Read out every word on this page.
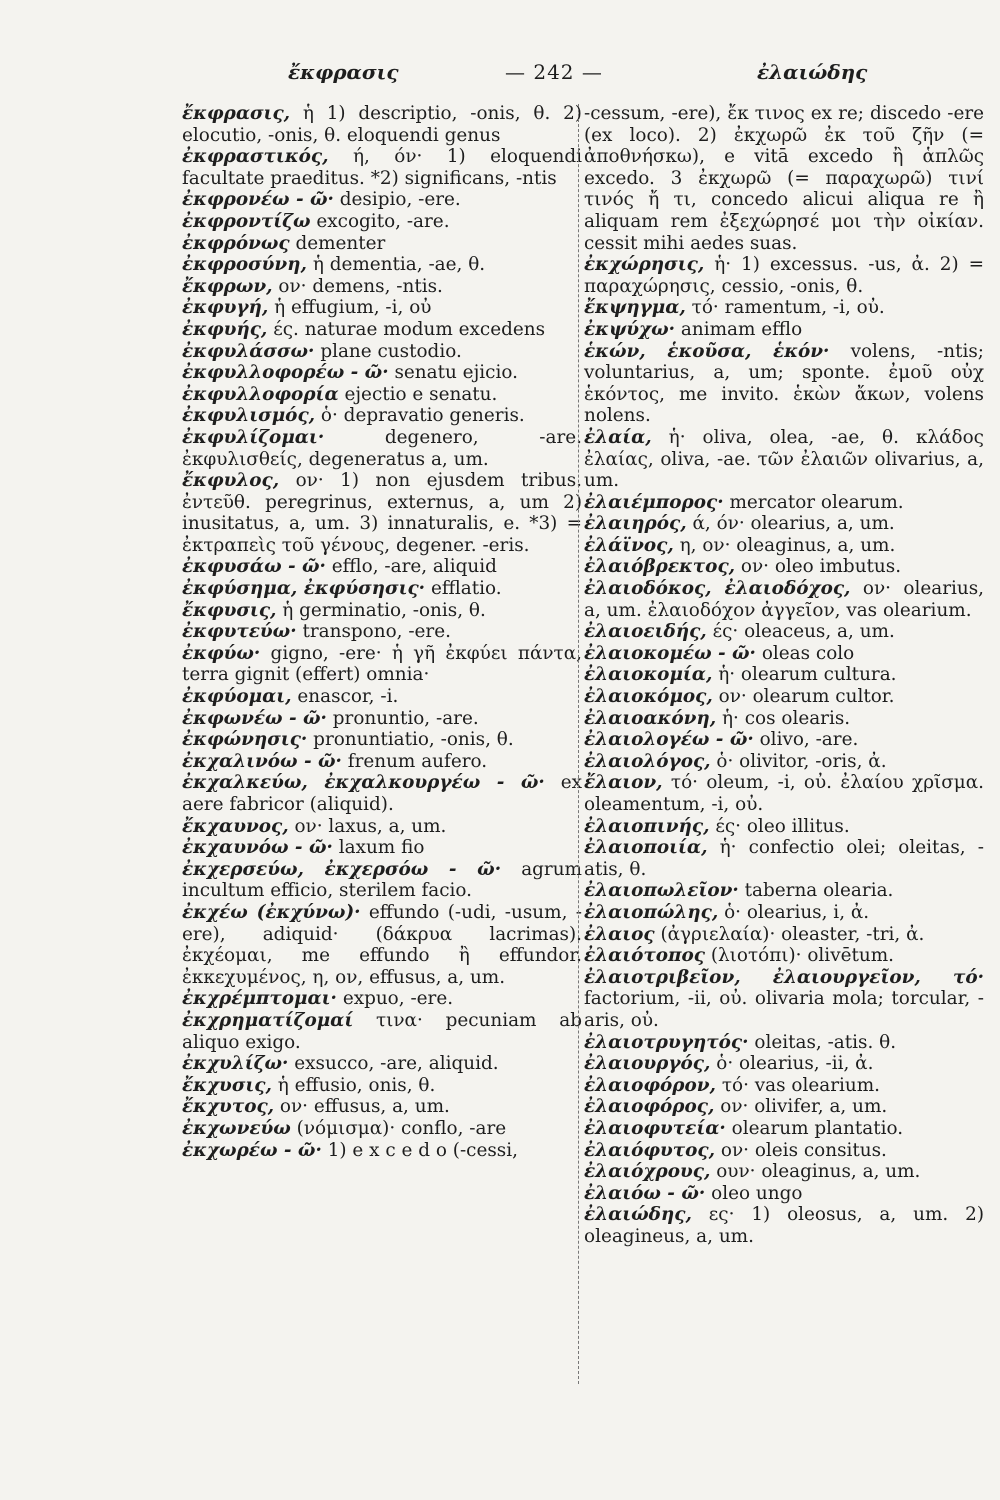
ἔκφρασις	— 242 —	ἐλαιώδης

ἔκφρασις, ἡ 1) descriptio, -onis, θ. 2) elocutio, -onis, θ. eloquendi genus

ἐκφραστικός, ή, όν· 1) eloquendi facultate praeditus. *2) significans, -ntis

ἐκφρονέω - ῶ· desipio, -ere.

ἐκφροντίζω excogito, -are.

ἐκφρόνως dementer

ἐκφροσύνη, ἡ dementia, -ae, θ.

ἔκφρων, ον· demens, -ntis.

ἐκφυγή, ἡ effugium, -i, οὐ

ἐκφυής, ές. naturae modum excedens

ἐκφυλάσσω· plane custodio.

ἐκφυλλοφορέω - ῶ· senatu ejicio.

ἐκφυλλοφορία ejectio e senatu.

ἐκφυλισμός, ὁ· depravatio generis.

ἐκφυλίζομαι·	degenero, -are. ἐκφυλισθείς, degeneratus a, um.

ἔκφυλος, ον· 1) non ejusdem tribus. ἐντεῦθ. peregrinus, externus, a, um 2) inusitatus, a, um. 3) innaturalis, e. *3) = ἐκτραπεὶς τοῦ γένους, degener. -eris.

ἐκφυσάω - ῶ· efflo, -are, aliquid

ἐκφύσημα, ἐκφύσησις· efflatio.

ἔκφυσις, ἡ germinatio, -onis, θ.

ἐκφυτεύω· transpono, -ere.

ἐκφύω· gigno, -ere· ἡ γῆ ἐκφύει πάντα, terra gignit (effert) omnia·

ἐκφύομαι, enascor, -i.

ἐκφωνέω - ῶ· pronuntio, -are.

ἐκφώνησις· pronuntiatio, -onis, θ.

ἐκχαλινόω - ῶ· frenum aufero.

ἐκχαλκεύω, ἐκχαλκουργέω - ῶ· ex aere fabricor (aliquid).

ἔκχαυνος, ον· laxus, a, um.

ἐκχαυνόω - ῶ· laxum fio

ἐκχερσεύω, ἐκχερσόω - ῶ· agrum incultum efficio, sterilem facio.

ἐκχέω (ἐκχύνω)· effundo (-udi, -usum, -ere), adiquid· (δάκρυα lacrimas). ἐκχέομαι, me effundo ἢ effundor. ἐκκεχυμένος, η, ον, effusus, a, um.

ἐκχρέμπτομαι· expuo, -ere.

ἐκχρηματίζομαί τινα· pecuniam ab aliquo exigo.

ἐκχυλίζω· exsucco, -are, aliquid.

ἔκχυσις, ἡ effusio, onis, θ.

ἔκχυτος, ον· effusus, a, um.

ἐκχωνεύω (νόμισμα)· conflo, -are

ἐκχωρέω - ῶ· 1) e x c e d o (-cessi,

-cessum, -ere), ἔκ τινος ex re; discedo -ere (ex loco). 2) ἐκχωρῶ ἐκ τοῦ ζῆν (= ἀποθνήσκω), e vitā excedo ἢ ἁπλῶς excedo. 3 ἐκχωρῶ (= παραχωρῶ) τινί τινός ἤ τι, concedo alicui aliqua re ἢ aliquam rem ἐξεχώρησέ μοι τὴν οἰκίαν. cessit mihi aedes suas.

ἐκχώρησις, ἡ· 1) excessus. -us, ἀ. 2) = παραχώρησις, cessio, -onis, θ.

ἔκψηγμα, τό· ramentum, -i, οὐ.

ἐκψύχω· animam efflo

ἑκών, ἑκοῦσα, ἑκόν· volens, -ntis; voluntarius, a, um; sponte. ἐμοῦ οὐχ ἑκόντος, me invito. ἑκὼν ἄκων, volens nolens.

ἐλαία, ἡ· oliva, olea, -ae, θ. κλάδος ἐλαίας, oliva, -ae. τῶν ἐλαιῶν olivarius, a, um.

ἐλαιέμπορος· mercator olearum.

ἐλαιηρός, ά, όν· olearius, a, um.

ἐλάϊνος, η, ον· oleaginus, a, um.

ἐλαιόβρεκτος, ον· oleo imbutus.

ἐλαιοδόκος, ἐλαιοδόχος, ον· olearius, a, um. ἐλαιοδόχον ἀγγεῖον, vas olearium.

ἐλαιοειδής, ές· oleaceus, a, um.

ἐλαιοκομέω - ῶ· oleas colo

ἐλαιοκομία, ἡ· olearum cultura.

ἐλαιοκόμος, ον· olearum cultor.

ἐλαιοακόνη, ἡ· cos olearis.

ἐλαιολογέω - ῶ· olivo, -are.

ἐλαιολόγος, ὁ· olivitor, -oris, ἀ.

ἔλαιον, τό· oleum, -i, οὐ. ἐλαίου χρῖσμα. oleamentum, -i, οὐ.

ἐλαιοπινής, ές· oleo illitus.

ἐλαιοποιία, ἡ· confectio olei; oleitas, -atis, θ.

ἐλαιοπωλεῖον· taberna olearia.

ἐλαιοπώλης, ὁ· olearius, i, ἀ.

ἐλαιος (ἀγριελαία)· oleaster, -tri, ἀ.

ἐλαιότοπος (λιοτόπι)· olivētum.

ἐλαιοτριβεῖον, ἐλαιουργεῖον, τό· factorium, -ii, οὐ. olivaria mola; torcular, -aris, οὐ.

ἐλαιοτρυγητός· oleitas, -atis. θ.

ἐλαιουργός, ὁ· olearius, -ii, ἀ.

ἐλαιοφόρον, τό· vas olearium.

ἐλαιοφόρος, ον· olivifer, a, um.

ἐλαιοφυτεία· olearum plantatio.

ἐλαιόφυτος, ον· oleis consitus.

ἐλαιόχρους, ουν· oleaginus, a, um.

ἐλαιόω - ῶ· oleo ungo

ἐλαιώδης, ες· 1) oleosus, a, um. 2) oleagineus, a, um.
